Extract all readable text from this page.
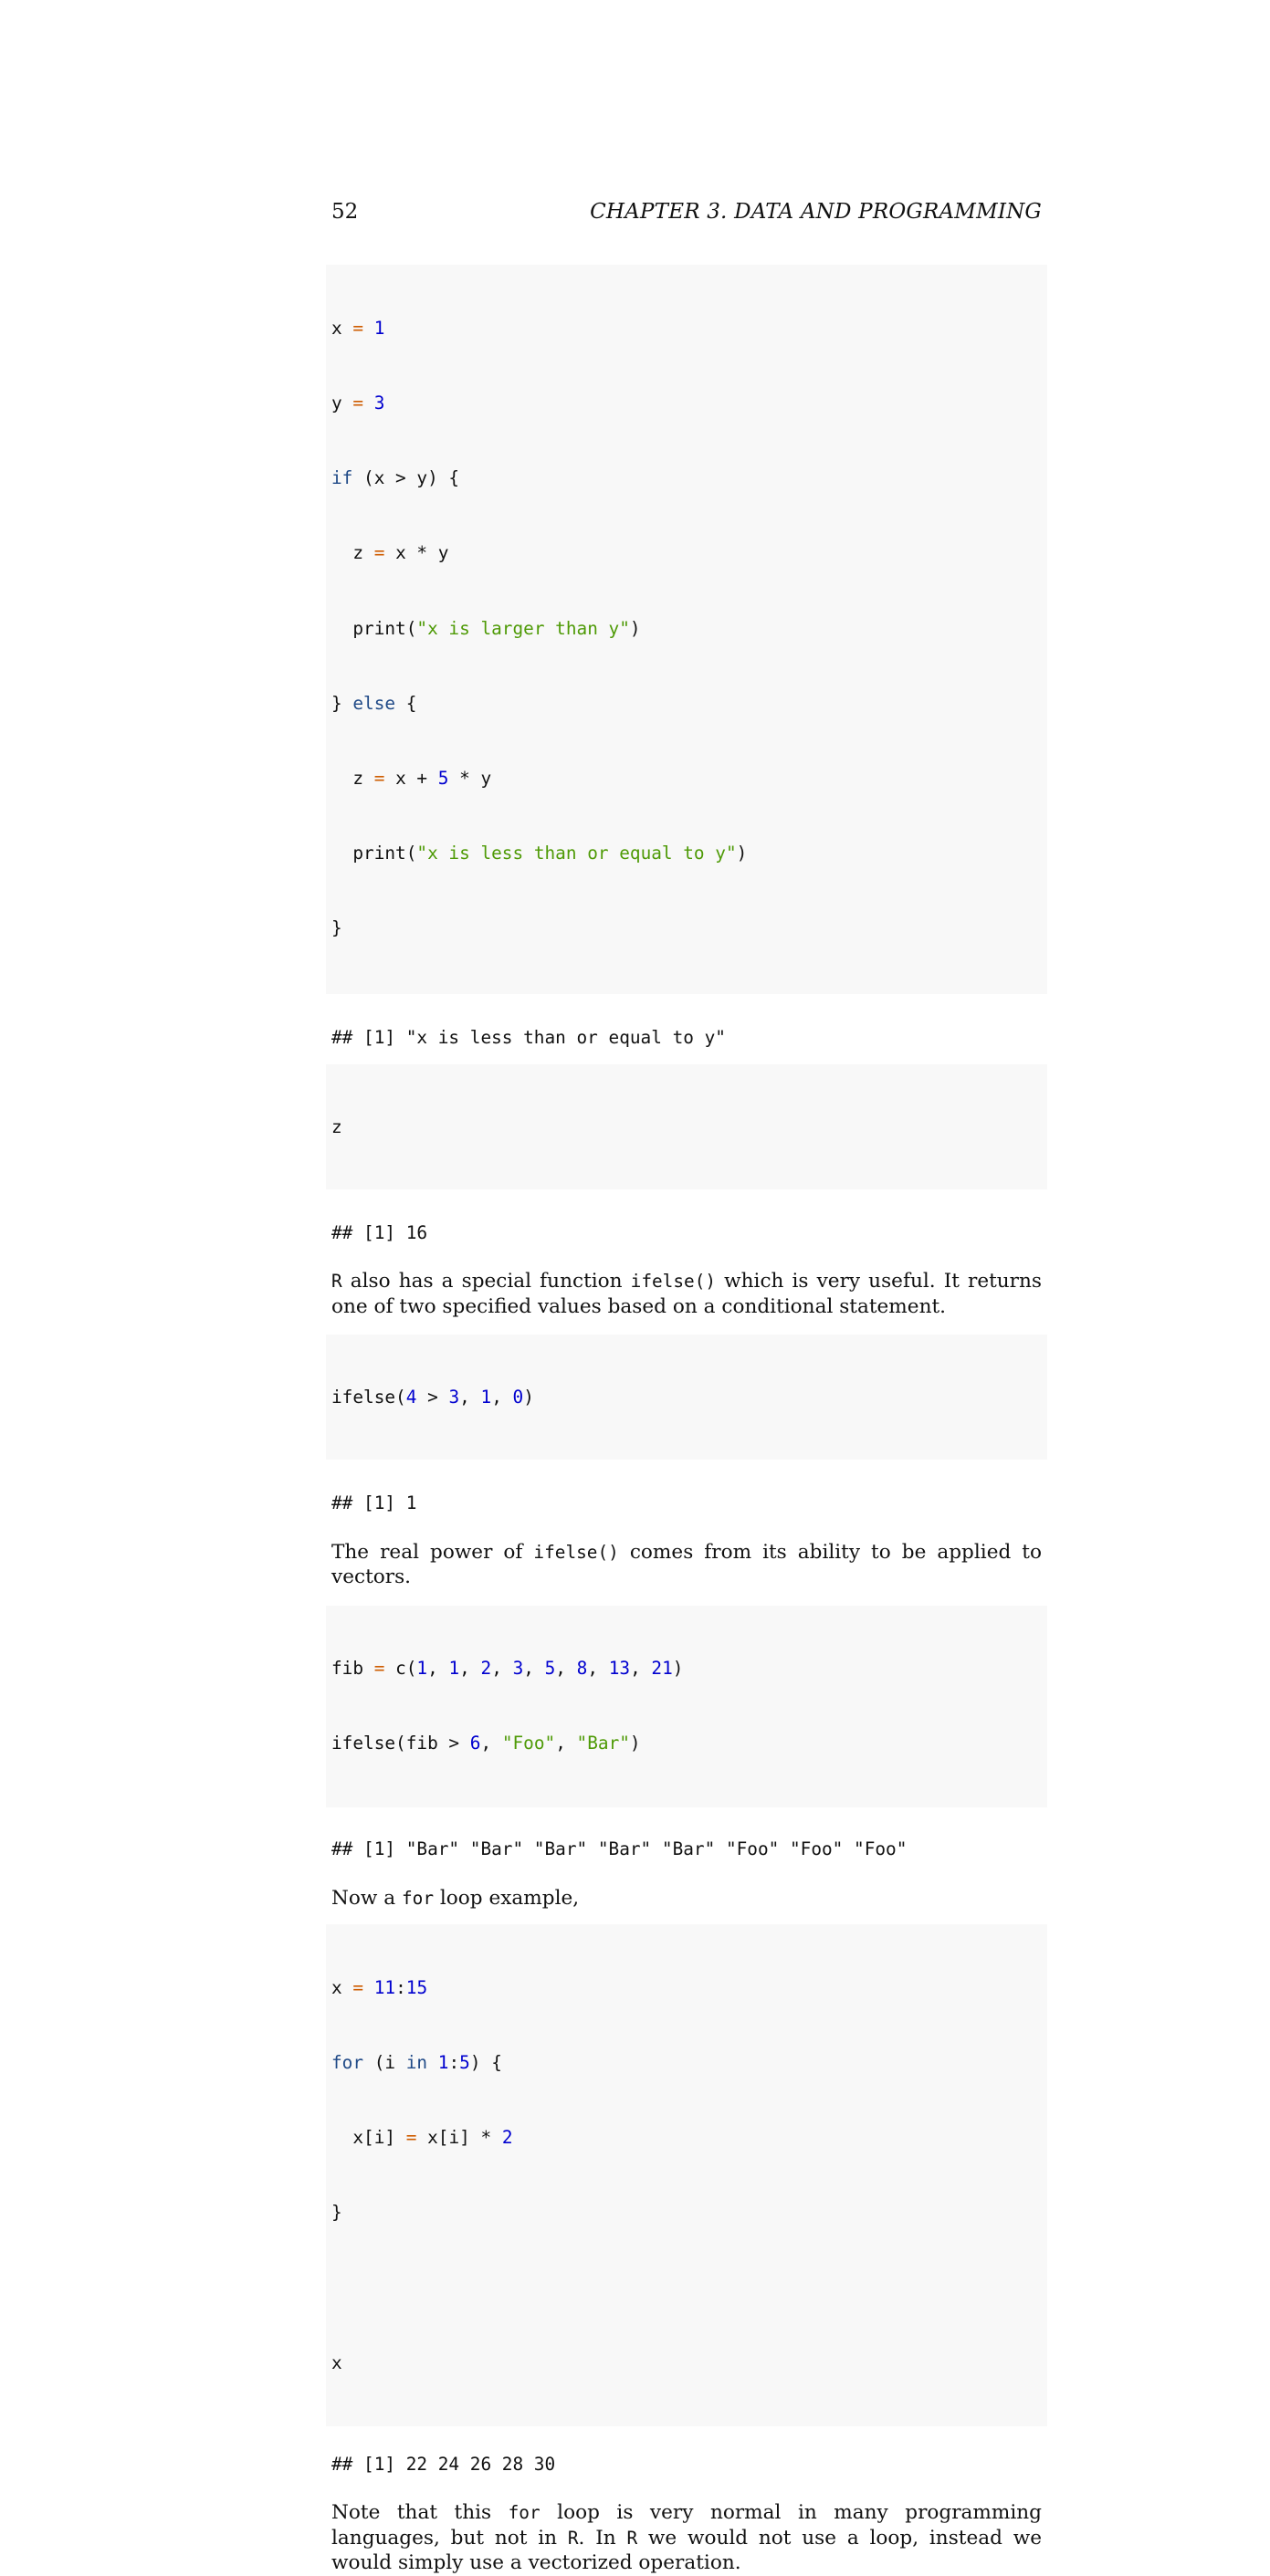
52	CHAPTER 3. DATA AND PROGRAMMING

x = 1

y = 3

if (x > y) {

z = x * y

print("x is larger than y")

} else {

z = x + 5 * y

print("x is less than or equal to y")

}

## [1] "x is less than or equal to y"

z

## [1] 16

R also has a special function ifelse() which is very useful. It returns one of two specified values based on a conditional statement.

ifelse(4 > 3, 1, 0)

## [1] 1

The real power of ifelse() comes from its ability to be applied to vectors.

fib = c(1, 1, 2, 3, 5, 8, 13, 21)

ifelse(fib > 6, "Foo", "Bar")

## [1] "Bar" "Bar" "Bar" "Bar" "Bar" "Foo" "Foo" "Foo"

Now a for loop example,

x = 11:15

for (i in 1:5) {

x[i] = x[i] * 2

}

x

## [1] 22 24 26 28 30

Note that this for loop is very normal in many programming languages, but not in R. In R we would not use a loop, instead we would simply use a vectorized operation.
